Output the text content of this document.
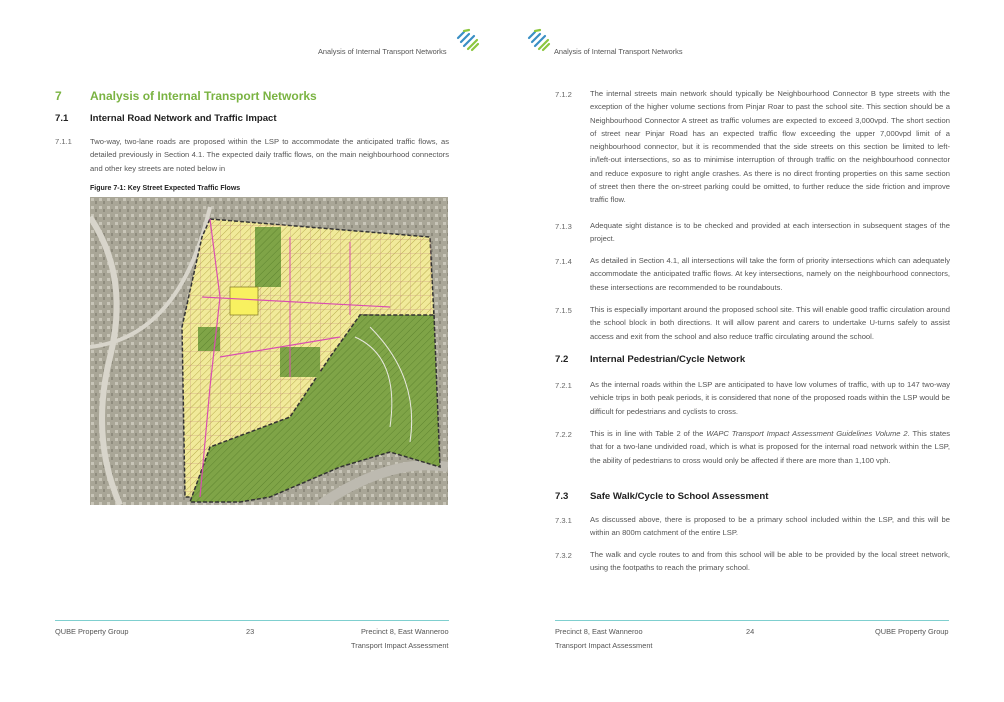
Analysis of Internal Transport Networks
7 Analysis of Internal Transport Networks
7.1 Internal Road Network and Traffic Impact
7.1.1 Two-way, two-lane roads are proposed within the LSP to accommodate the anticipated traffic flows, as detailed previously in Section 4.1. The expected daily traffic flows, on the main neighbourhood connectors and other key streets are noted below in
Figure 7-1: Key Street Expected Traffic Flows
QUBE Property Group	23	Precinct 8, East Wanneroo
Transport Impact Assessment
Analysis of Internal Transport Networks
7.1.2 The internal streets main network should typically be Neighbourhood Connector B type streets with the exception of the higher volume sections from Pinjar Roar to past the school site. This section should be a Neighbourhood Connector A street as traffic volumes are expected to exceed 3,000vpd. The short section of street near Pinjar Road has an expected traffic flow exceeding the upper 7,000vpd limit of a neighbourhood connector, but it is recommended that the side streets on this section be limited to left-in/left-out intersections, so as to minimise interruption of through traffic on the neighbourhood connector and reduce exposure to right angle crashes. As there is no direct fronting properties on this same section of street then there the on-street parking could be omitted, to further reduce the side friction and improve traffic flow.
7.1.3 Adequate sight distance is to be checked and provided at each intersection in subsequent stages of the project.
7.1.4 As detailed in Section 4.1, all intersections will take the form of priority intersections which can adequately accommodate the anticipated traffic flows. At key intersections, namely on the neighbourhood connectors, these intersections are recommended to be roundabouts.
7.1.5 This is especially important around the proposed school site. This will enable good traffic circulation around the school block in both directions. It will allow parent and carers to undertake U-turns safely to assist access and exit from the school and also reduce traffic circulating around the school.
7.2 Internal Pedestrian/Cycle Network
7.2.1 As the internal roads within the LSP are anticipated to have low volumes of traffic, with up to 147 two-way vehicle trips in both peak periods, it is considered that none of the proposed roads within the LSP would be difficult for pedestrians and cyclists to cross.
7.2.2 This is in line with Table 2 of the WAPC Transport Impact Assessment Guidelines Volume 2. This states that for a two-lane undivided road, which is what is proposed for the internal road network within the LSP, the ability of pedestrians to cross would only be affected if there are more than 1,100 vph.
7.3 Safe Walk/Cycle to School Assessment
7.3.1 As discussed above, there is proposed to be a primary school included within the LSP, and this will be within an 800m catchment of the entire LSP.
7.3.2 The walk and cycle routes to and from this school will be able to be provided by the local street network, using the footpaths to reach the primary school.
Precinct 8, East Wanneroo	24	QUBE Property Group
Transport Impact Assessment
